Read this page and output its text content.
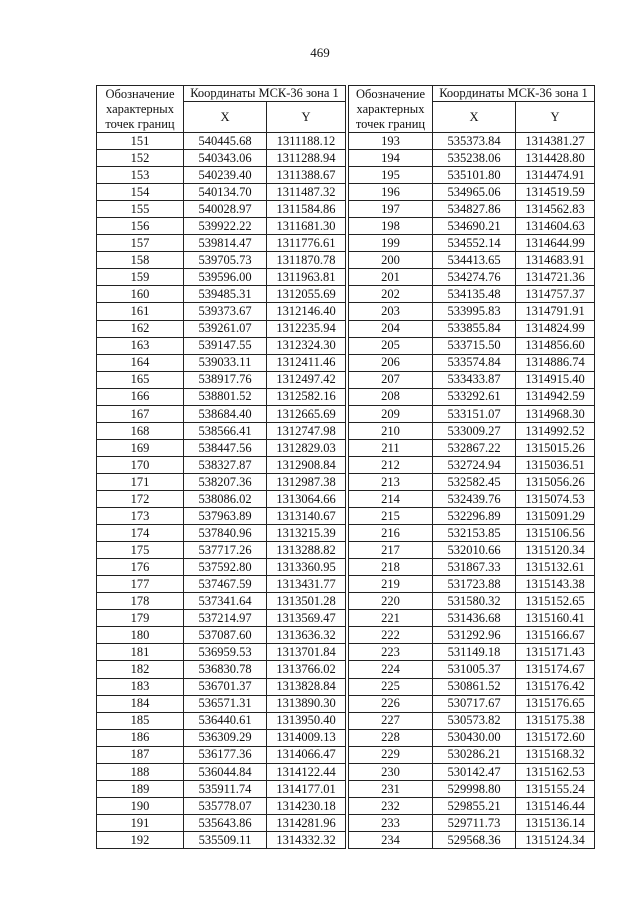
469
Обозначение характерных точек границ	Координаты МСК-36 зона 1	
	X	Y
151	540445.68	1311188.12
152	540343.06	1311288.94
153	540239.40	1311388.67
154	540134.70	1311487.32
155	540028.97	1311584.86
156	539922.22	1311681.30
157	539814.47	1311776.61
158	539705.73	1311870.78
159	539596.00	1311963.81
160	539485.31	1312055.69
161	539373.67	1312146.40
162	539261.07	1312235.94
163	539147.55	1312324.30
164	539033.11	1312411.46
165	538917.76	1312497.42
166	538801.52	1312582.16
167	538684.40	1312665.69
168	538566.41	1312747.98
169	538447.56	1312829.03
170	538327.87	1312908.84
171	538207.36	1312987.38
172	538086.02	1313064.66
173	537963.89	1313140.67
174	537840.96	1313215.39
175	537717.26	1313288.82
176	537592.80	1313360.95
177	537467.59	1313431.77
178	537341.64	1313501.28
179	537214.97	1313569.47
180	537087.60	1313636.32
181	536959.53	1313701.84
182	536830.78	1313766.02
183	536701.37	1313828.84
184	536571.31	1313890.30
185	536440.61	1313950.40
186	536309.29	1314009.13
187	536177.36	1314066.47
188	536044.84	1314122.44
189	535911.74	1314177.01
190	535778.07	1314230.18
191	535643.86	1314281.96
192	535509.11	1314332.32
Обозначение характерных точек границ	Координаты МСК-36 зона 1	
	X	Y
193	535373.84	1314381.27
194	535238.06	1314428.80
195	535101.80	1314474.91
196	534965.06	1314519.59
197	534827.86	1314562.83
198	534690.21	1314604.63
199	534552.14	1314644.99
200	534413.65	1314683.91
201	534274.76	1314721.36
202	534135.48	1314757.37
203	533995.83	1314791.91
204	533855.84	1314824.99
205	533715.50	1314856.60
206	533574.84	1314886.74
207	533433.87	1314915.40
208	533292.61	1314942.59
209	533151.07	1314968.30
210	533009.27	1314992.52
211	532867.22	1315015.26
212	532724.94	1315036.51
213	532582.45	1315056.26
214	532439.76	1315074.53
215	532296.89	1315091.29
216	532153.85	1315106.56
217	532010.66	1315120.34
218	531867.33	1315132.61
219	531723.88	1315143.38
220	531580.32	1315152.65
221	531436.68	1315160.41
222	531292.96	1315166.67
223	531149.18	1315171.43
224	531005.37	1315174.67
225	530861.52	1315176.42
226	530717.67	1315176.65
227	530573.82	1315175.38
228	530430.00	1315172.60
229	530286.21	1315168.32
230	530142.47	1315162.53
231	529998.80	1315155.24
232	529855.21	1315146.44
233	529711.73	1315136.14
234	529568.36	1315124.34
